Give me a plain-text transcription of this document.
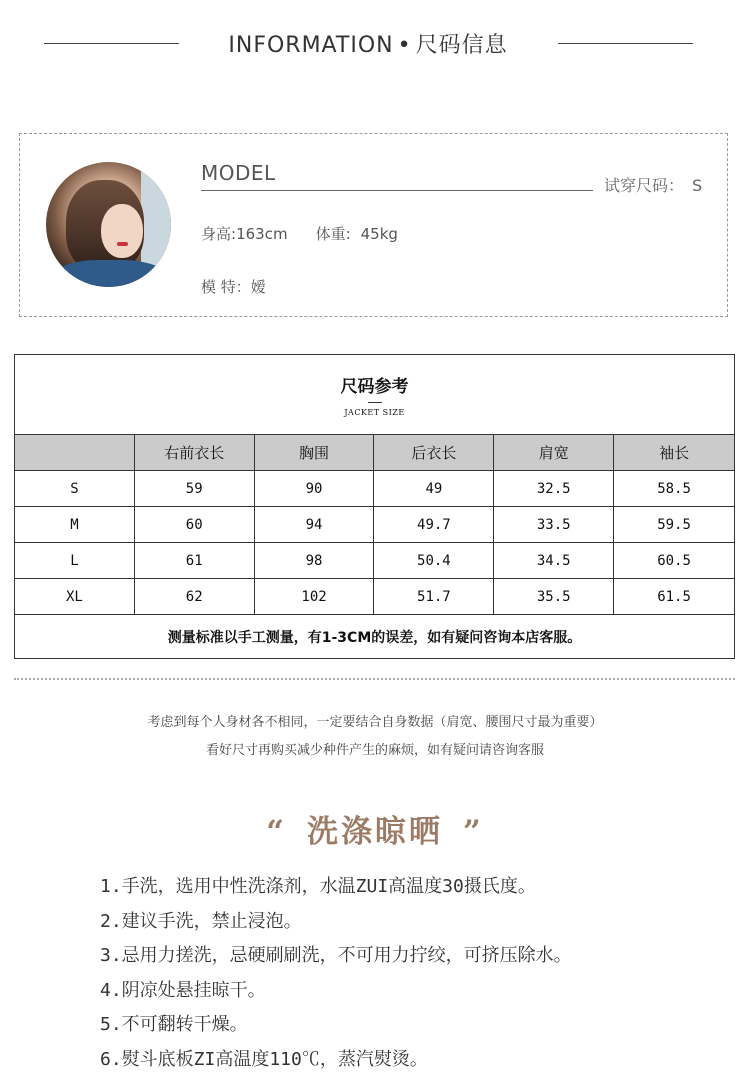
INFORMATION • 尺码信息
MODEL
试穿尺码： S
身高:163cm 体重: 45kg
模 特：嫒
尺码参考
JACKET SIZE					

	右前衣长	胸围	后衣长	肩宽	袖长
S	59	90	49	32.5	58.5
M	60	94	49.7	33.5	59.5
L	61	98	50.4	34.5	60.5
XL	62	102	51.7	35.5	61.5
测量标准以手工测量，有1-3CM的误差，如有疑问咨询本店客服。					
考虑到每个人身材各不相同，一定要结合自身数据（肩宽、腰围尺寸最为重要）
看好尺寸再购买减少种件产生的麻烦，如有疑问请咨询客服
“ 洗涤晾晒 ”
1.手洗，选用中性洗涤剂，水温ZUI高温度30摄氏度。
2.建议手洗，禁止浸泡。
3.忌用力搓洗，忌硬刷刷洗，不可用力拧绞，可挤压除水。
4.阴凉处悬挂晾干。
5.不可翻转干燥。
6.熨斗底板ZI高温度110℃，蒸汽熨烫。
